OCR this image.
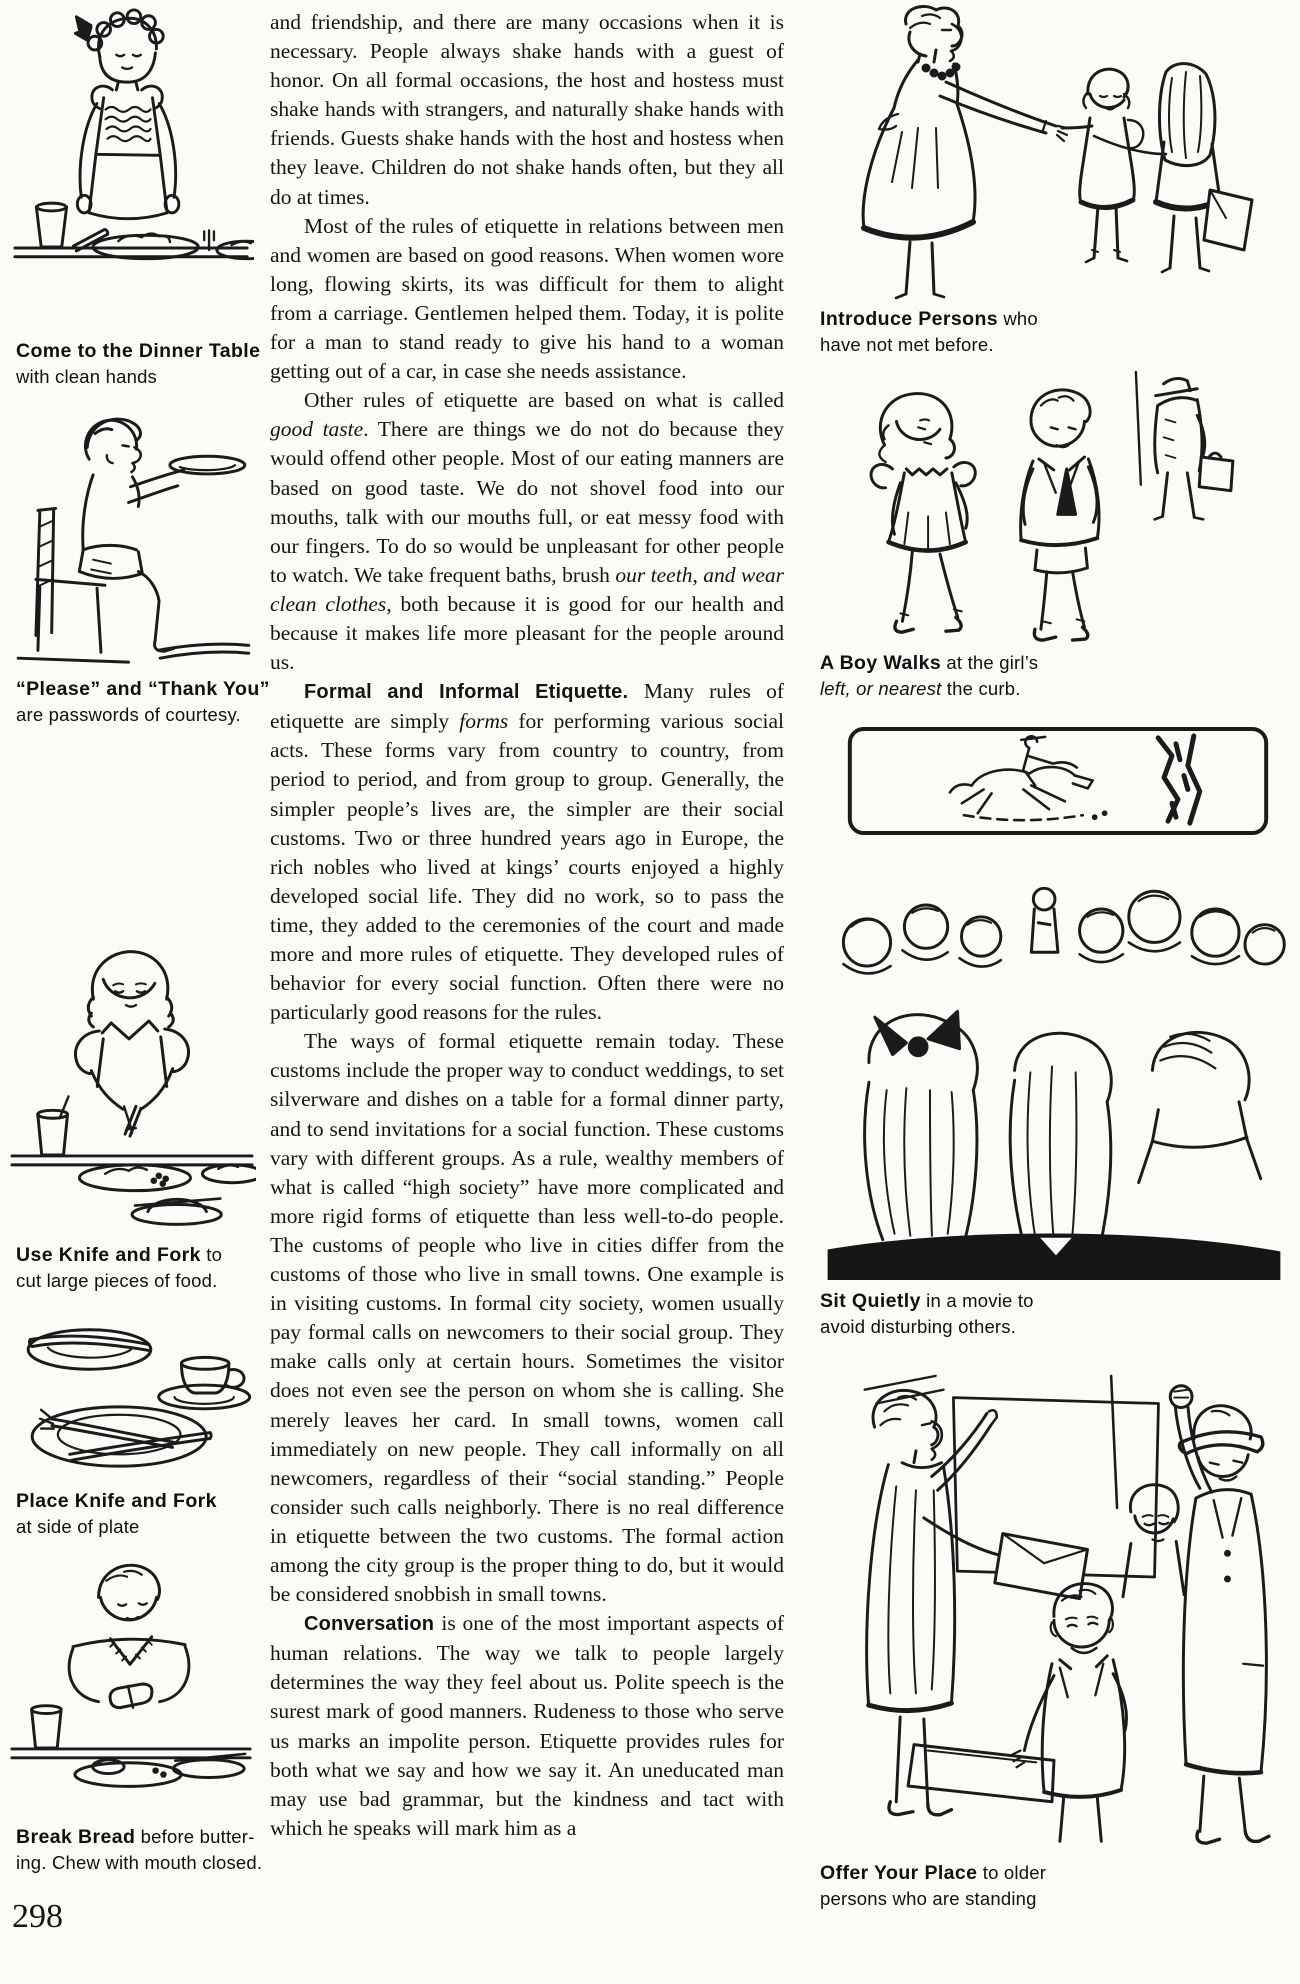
Come to the Dinner Table
with clean hands
“Please” and “Thank You”
are passwords of courtesy.
Use Knife and Fork to
cut large pieces of food.
Place Knife and Fork
at side of plate
Break Bread before butter-
ing. Chew with mouth closed.
298

and friendship, and there are many occasions when it is necessary. People always shake hands with a guest of honor. On all formal occasions, the host and hostess must shake hands with strangers, and naturally shake hands with friends. Guests shake hands with the host and hostess when they leave. Children do not shake hands often, but they all do at times.

Most of the rules of etiquette in relations between men and women are based on good reasons. When women wore long, flowing skirts, its was difficult for them to alight from a carriage. Gentlemen helped them. Today, it is polite for a man to stand ready to give his hand to a woman getting out of a car, in case she needs assistance.

Other rules of etiquette are based on what is called good taste. There are things we do not do because they would offend other people. Most of our eating manners are based on good taste. We do not shovel food into our mouths, talk with our mouths full, or eat messy food with our fingers. To do so would be unpleasant for other people to watch. We take frequent baths, brush our teeth, and wear clean clothes, both because it is good for our health and because it makes life more pleasant for the people around us.

Formal and Informal Etiquette. Many rules of etiquette are simply forms for performing various social acts. These forms vary from country to country, from period to period, and from group to group. Generally, the simpler people’s lives are, the simpler are their social customs. Two or three hundred years ago in Europe, the rich nobles who lived at kings’ courts enjoyed a highly developed social life. They did no work, so to pass the time, they added to the ceremonies of the court and made more and more rules of etiquette. They developed rules of behavior for every social function. Often there were no particularly good reasons for the rules.

The ways of formal etiquette remain today. These customs include the proper way to conduct weddings, to set silverware and dishes on a table for a formal dinner party, and to send invitations for a social function. These customs vary with different groups. As a rule, wealthy members of what is called “high society” have more complicated and more rigid forms of etiquette than less well-to-do people. The customs of people who live in cities differ from the customs of those who live in small towns. One example is in visiting customs. In formal city society, women usually pay formal calls on newcomers to their social group. They make calls only at certain hours. Sometimes the visitor does not even see the person on whom she is calling. She merely leaves her card. In small towns, women call immediately on new people. They call informally on all newcomers, regardless of their “social standing.” People consider such calls neighborly. There is no real difference in etiquette between the two customs. The formal action among the city group is the proper thing to do, but it would be considered snobbish in small towns.

Conversation is one of the most important aspects of human relations. The way we talk to people largely determines the way they feel about us. Polite speech is the surest mark of good manners. Rudeness to those who serve us marks an impolite person. Etiquette provides rules for both what we say and how we say it. An uneducated man may use bad grammar, but the kindness and tact with which he speaks will mark him as a

Introduce Persons who
have not met before.
A Boy Walks at the girl’s
left, or nearest the curb.
Sit Quietly in a movie to
avoid disturbing others.
Offer Your Place to older
persons who are standing
